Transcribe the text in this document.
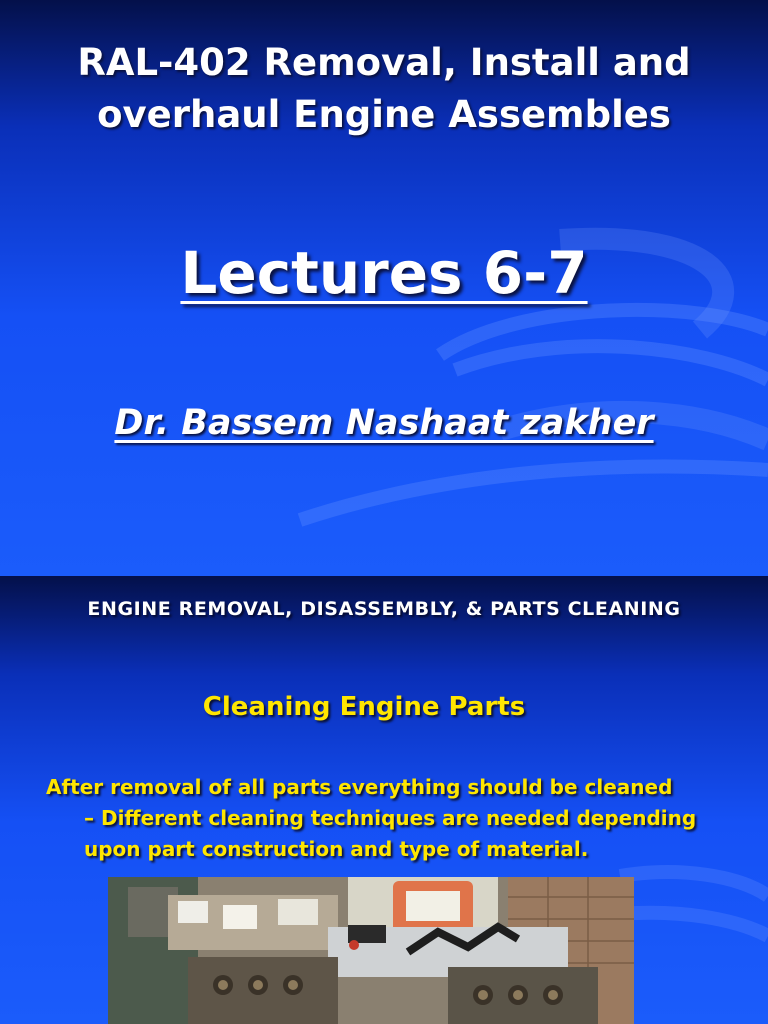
RAL-402 Removal, Install and
overhaul Engine Assembles
Lectures 6-7
Dr. Bassem Nashaat zakher
ENGINE REMOVAL, DISASSEMBLY, & PARTS CLEANING
Cleaning Engine Parts
After removal of all parts everything should be cleaned
– Different cleaning techniques are needed depending
upon part construction and type of material.
